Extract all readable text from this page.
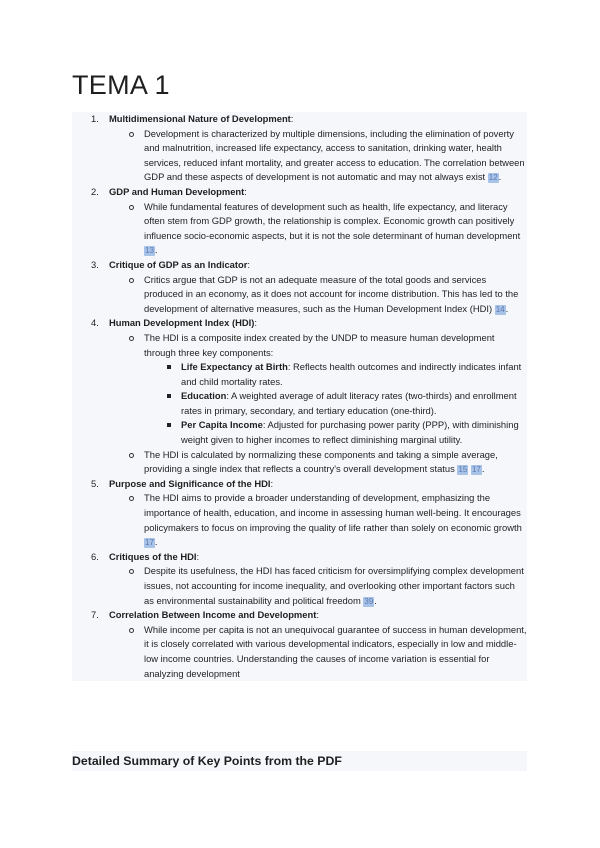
TEMA 1
1. Multidimensional Nature of Development:
Development is characterized by multiple dimensions, including the elimination of poverty and malnutrition, increased life expectancy, access to sanitation, drinking water, health services, reduced infant mortality, and greater access to education. The correlation between GDP and these aspects of development is not automatic and may not always exist 12.
2. GDP and Human Development:
While fundamental features of development such as health, life expectancy, and literacy often stem from GDP growth, the relationship is complex. Economic growth can positively influence socio-economic aspects, but it is not the sole determinant of human development 13.
3. Critique of GDP as an Indicator:
Critics argue that GDP is not an adequate measure of the total goods and services produced in an economy, as it does not account for income distribution. This has led to the development of alternative measures, such as the Human Development Index (HDI) 14.
4. Human Development Index (HDI):
The HDI is a composite index created by the UNDP to measure human development through three key components:
Life Expectancy at Birth: Reflects health outcomes and indirectly indicates infant and child mortality rates.
Education: A weighted average of adult literacy rates (two-thirds) and enrollment rates in primary, secondary, and tertiary education (one-third).
Per Capita Income: Adjusted for purchasing power parity (PPP), with diminishing weight given to higher incomes to reflect diminishing marginal utility.
The HDI is calculated by normalizing these components and taking a simple average, providing a single index that reflects a country's overall development status 15 17.
5. Purpose and Significance of the HDI:
The HDI aims to provide a broader understanding of development, emphasizing the importance of health, education, and income in assessing human well-being. It encourages policymakers to focus on improving the quality of life rather than solely on economic growth 17.
6. Critiques of the HDI:
Despite its usefulness, the HDI has faced criticism for oversimplifying complex development issues, not accounting for income inequality, and overlooking other important factors such as environmental sustainability and political freedom 39.
7. Correlation Between Income and Development:
While income per capita is not an unequivocal guarantee of success in human development, it is closely correlated with various developmental indicators, especially in low and middle-low income countries. Understanding the causes of income variation is essential for analyzing development
Detailed Summary of Key Points from the PDF
